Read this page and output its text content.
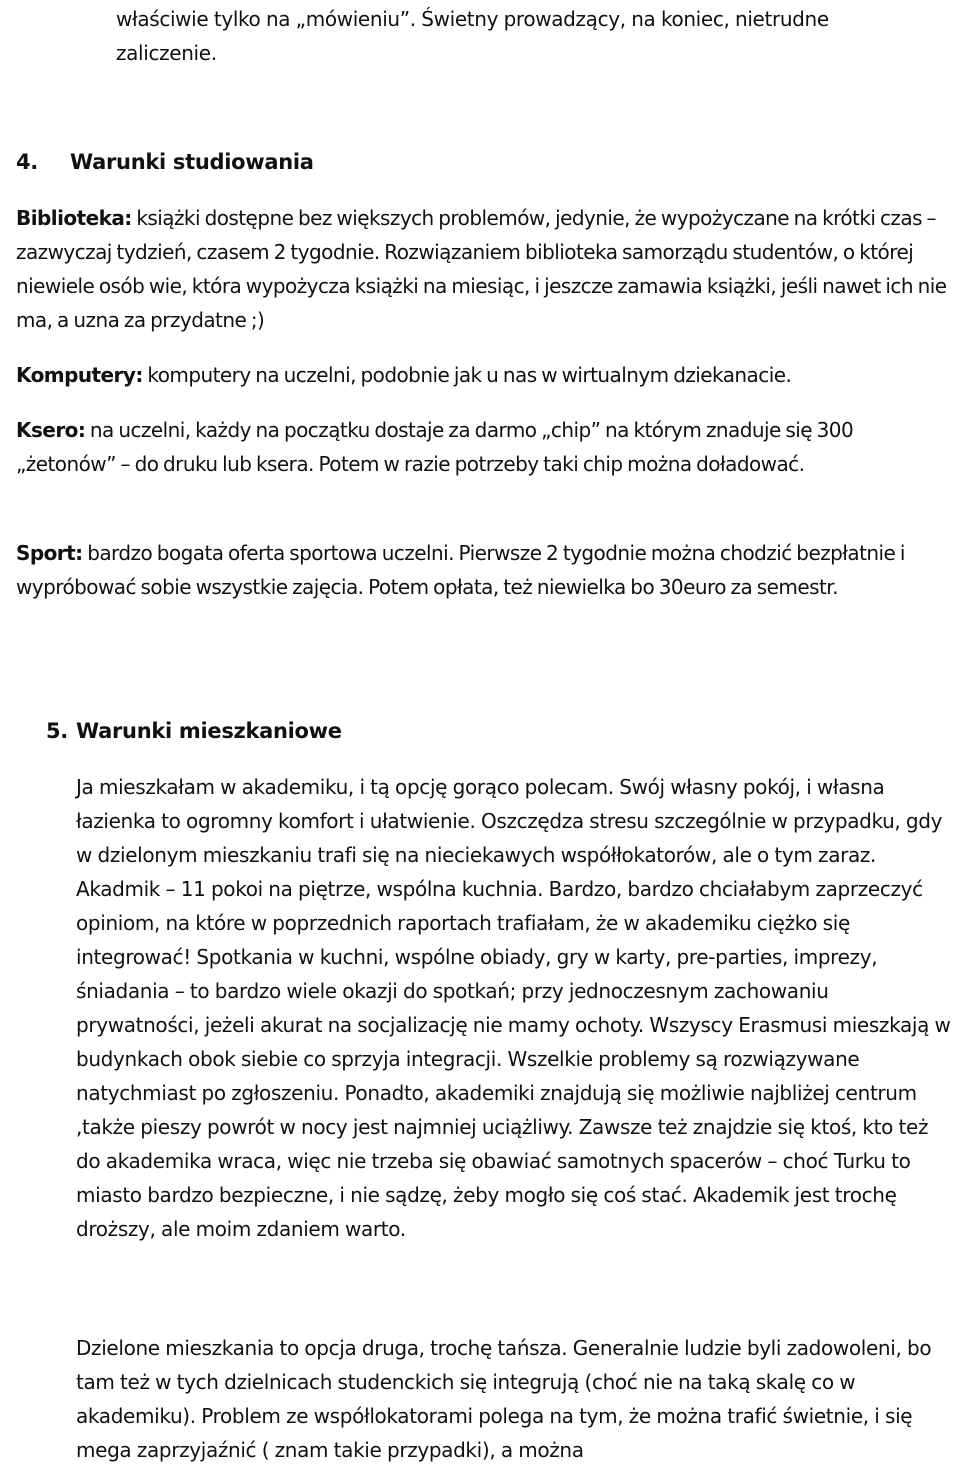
właściwie tylko na „mówieniu”. Świetny prowadzący, na koniec, nietrudne
zaliczenie.

4. Warunki studiowania

Biblioteka: książki dostępne bez większych problemów, jedynie, że wypożyczane na krótki czas – zazwyczaj tydzień, czasem 2 tygodnie. Rozwiązaniem biblioteka samorządu studentów, o której niewiele osób wie, która wypożycza książki na miesiąc, i jeszcze zamawia książki, jeśli nawet ich nie ma, a uzna za przydatne ;)

Komputery: komputery na uczelni, podobnie jak u nas w wirtualnym dziekanacie.

Ksero: na uczelni, każdy na początku dostaje za darmo „chip” na którym znaduje się 300 „żetonów” – do druku lub ksera. Potem w razie potrzeby taki chip można doładować.

Sport: bardzo bogata oferta sportowa uczelni. Pierwsze 2 tygodnie można chodzić bezpłatnie i wypróbować sobie wszystkie zajęcia. Potem opłata, też niewielka bo 30euro za semestr.

5. Warunki mieszkaniowe

Ja mieszkałam w akademiku, i tą opcję gorąco polecam. Swój własny pokój, i własna łazienka to ogromny komfort i ułatwienie. Oszczędza stresu szczególnie w przypadku, gdy w dzielonym mieszkaniu trafi się na nieciekawych współłokatorów, ale o tym zaraz. Akadmik – 11 pokoi na piętrze, wspólna kuchnia. Bardzo, bardzo chciałabym zaprzeczyć opiniom, na które w poprzednich raportach trafiałam, że w akademiku ciężko się integrować! Spotkania w kuchni, wspólne obiady, gry w karty, pre-parties, imprezy, śniadania – to bardzo wiele okazji do spotkań; przy jednoczesnym zachowaniu prywatności, jeżeli akurat na socjalizację nie mamy ochoty. Wszyscy Erasmusi mieszkają w budynkach obok siebie co sprzyja integracji. Wszelkie problemy są rozwiązywane natychmiast po zgłoszeniu. Ponadto, akademiki znajdują się możliwie najbliżej centrum ,także pieszy powrót w nocy jest najmniej uciążliwy. Zawsze też znajdzie się ktoś, kto też do akademika wraca, więc nie trzeba się obawiać samotnych spacerów – choć Turku to miasto bardzo bezpieczne, i nie sądzę, żeby mogło się coś stać. Akademik jest trochę droższy, ale moim zdaniem warto.

Dzielone mieszkania to opcja druga, trochę tańsza. Generalnie ludzie byli zadowoleni, bo tam też w tych dzielnicach studenckich się integrują (choć nie na taką skalę co w akademiku). Problem ze współlokatorami polega na tym, że można trafić świetnie, i się mega zaprzyjaźnić ( znam takie przypadki), a można
